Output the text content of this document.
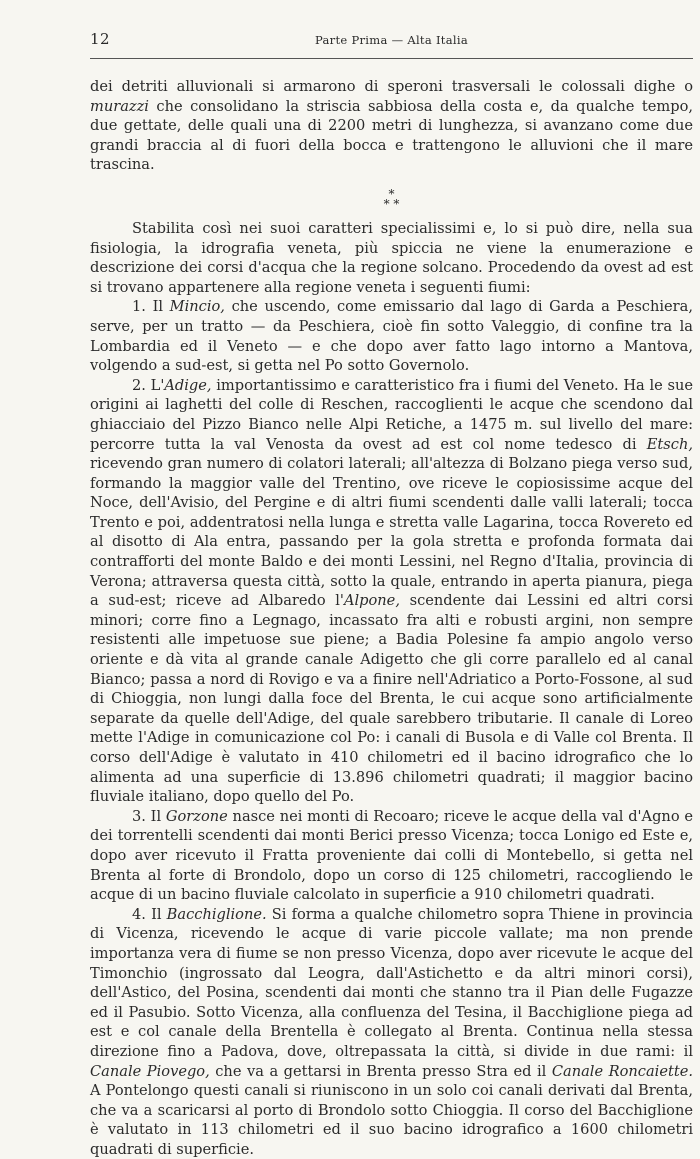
12	Parte Prima — Alta Italia

dei detriti alluvionali si armarono di speroni trasversali le colossali dighe o murazzi che consolidano la striscia sabbiosa della costa e, da qualche tempo, due gettate, delle quali una di 2200 metri di lunghezza, si avanzano come due grandi braccia al di fuori della bocca e trattengono le alluvioni che il mare trascina.

*
* *

Stabilita così nei suoi caratteri specialissimi e, lo si può dire, nella sua fisiologia, la idrografia veneta, più spiccia ne viene la enumerazione e descrizione dei corsi d'acqua che la regione solcano. Procedendo da ovest ad est si trovano appartenere alla regione veneta i seguenti fiumi:

1. Il Mincio, che uscendo, come emissario dal lago di Garda a Peschiera, serve, per un tratto — da Peschiera, cioè fin sotto Valeggio, di confine tra la Lombardia ed il Veneto — e che dopo aver fatto lago intorno a Mantova, volgendo a sud-est, si getta nel Po sotto Governolo.

2. L'Adige, importantissimo e caratteristico fra i fiumi del Veneto. Ha le sue origini ai laghetti del colle di Reschen, raccoglienti le acque che scendono dal ghiacciaio del Pizzo Bianco nelle Alpi Retiche, a 1475 m. sul livello del mare: percorre tutta la val Venosta da ovest ad est col nome tedesco di Etsch, ricevendo gran numero di colatori laterali; all'altezza di Bolzano piega verso sud, formando la maggior valle del Trentino, ove riceve le copiosissime acque del Noce, dell'Avisio, del Pergine e di altri fiumi scendenti dalle valli laterali; tocca Trento e poi, addentratosi nella lunga e stretta valle Lagarina, tocca Rovereto ed al disotto di Ala entra, passando per la gola stretta e profonda formata dai contrafforti del monte Baldo e dei monti Lessini, nel Regno d'Italia, provincia di Verona; attraversa questa città, sotto la quale, entrando in aperta pianura, piega a sud-est; riceve ad Albaredo l'Alpone, scendente dai Lessini ed altri corsi minori; corre fino a Legnago, incassato fra alti e robusti argini, non sempre resistenti alle impetuose sue piene; a Badia Polesine fa ampio angolo verso oriente e dà vita al grande canale Adigetto che gli corre parallelo ed al canal Bianco; passa a nord di Rovigo e va a finire nell'Adriatico a Porto-Fossone, al sud di Chioggia, non lungi dalla foce del Brenta, le cui acque sono artificialmente separate da quelle dell'Adige, del quale sarebbero tributarie. Il canale di Loreo mette l'Adige in comunicazione col Po: i canali di Busola e di Valle col Brenta. Il corso dell'Adige è valutato in 410 chilometri ed il bacino idrografico che lo alimenta ad una superficie di 13.896 chilometri quadrati; il maggior bacino fluviale italiano, dopo quello del Po.

3. Il Gorzone nasce nei monti di Recoaro; riceve le acque della val d'Agno e dei torrentelli scendenti dai monti Berici presso Vicenza; tocca Lonigo ed Este e, dopo aver ricevuto il Fratta proveniente dai colli di Montebello, si getta nel Brenta al forte di Brondolo, dopo un corso di 125 chilometri, raccogliendo le acque di un bacino fluviale calcolato in superficie a 910 chilometri quadrati.

4. Il Bacchiglione. Si forma a qualche chilometro sopra Thiene in provincia di Vicenza, ricevendo le acque di varie piccole vallate; ma non prende importanza vera di fiume se non presso Vicenza, dopo aver ricevute le acque del Timonchio (ingrossato dal Leogra, dall'Astichetto e da altri minori corsi), dell'Astico, del Posina, scendenti dai monti che stanno tra il Pian delle Fugazze ed il Pasubio. Sotto Vicenza, alla confluenza del Tesina, il Bacchiglione piega ad est e col canale della Brentella è collegato al Brenta. Continua nella stessa direzione fino a Padova, dove, oltrepassata la città, si divide in due rami: il Canale Piovego, che va a gettarsi in Brenta presso Stra ed il Canale Roncaiette. A Pontelongo questi canali si riuniscono in un solo coi canali derivati dal Brenta, che va a scaricarsi al porto di Brondolo sotto Chioggia. Il corso del Bacchiglione è valutato in 113 chilometri ed il suo bacino idrografico a 1600 chilometri quadrati di superficie.
